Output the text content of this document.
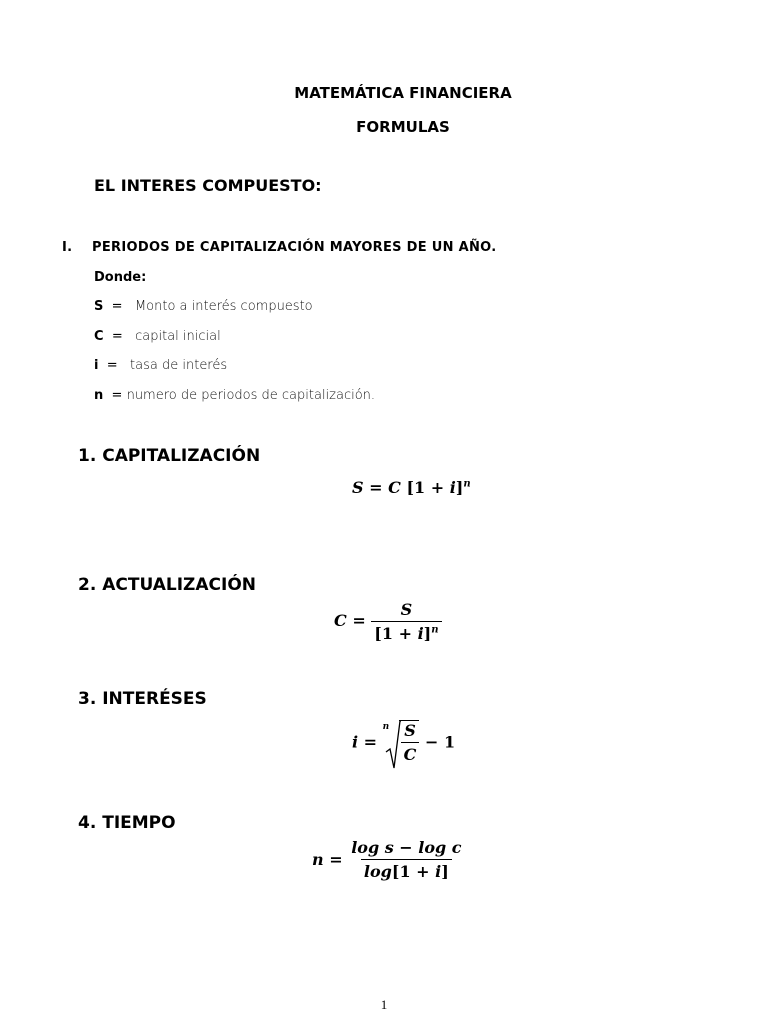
MATEMÁTICA FINANCIERA
FORMULAS
EL INTERES COMPUESTO:
I. PERIODOS DE CAPITALIZACIÓN MAYORES DE UN AÑO.
Donde:
S = Monto a interés compuesto
C = capital inicial
i = tasa de interés
n = numero de periodos de capitalización.
1. CAPITALIZACIÓN
S = C $[1 + i]^n$
2. ACTUALIZACIÓN
$C = \frac{S}{[1 + i]^n}$
3. INTERÉSES
i =
n $\frac{S}{C} - 1$
4. TIEMPO
$n = \frac{\text{log s − log c}}{\log[1 + i]}$
1
